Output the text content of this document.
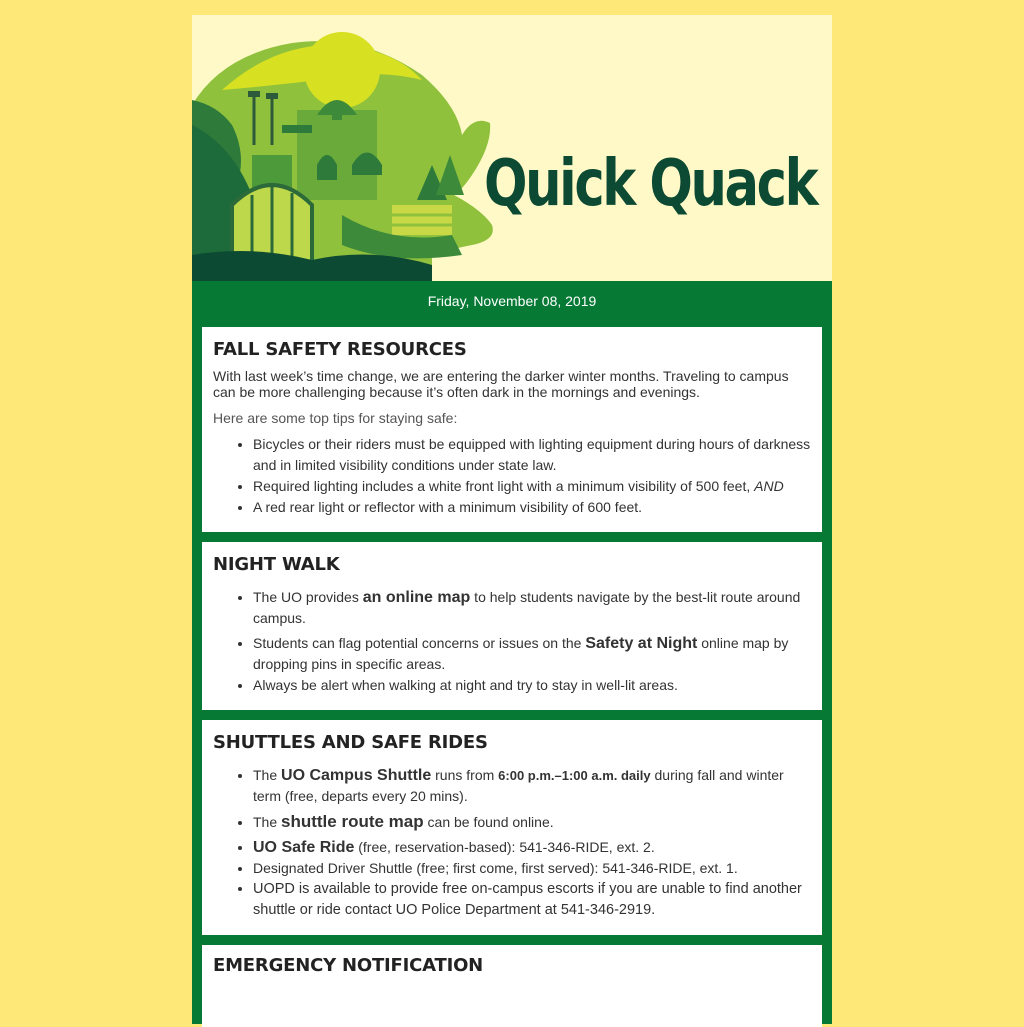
Quick Quack
Friday, November 08, 2019
FALL SAFETY RESOURCES

With last week’s time change, we are entering the darker winter months. Traveling to campus can be more challenging because it’s often dark in the mornings and evenings.

Here are some top tips for staying safe:

• Bicycles or their riders must be equipped with lighting equipment during hours of darkness and in limited visibility conditions under state law.
• Required lighting includes a white front light with a minimum visibility of 500 feet, AND
• A red rear light or reflector with a minimum visibility of 600 feet.
NIGHT WALK
• The UO provides an online map to help students navigate by the best-lit route around campus.
• Students can flag potential concerns or issues on the Safety at Night online map by dropping pins in specific areas.
• Always be alert when walking at night and try to stay in well-lit areas.
SHUTTLES AND SAFE RIDES
• The UO Campus Shuttle runs from 6:00 p.m.–1:00 a.m. daily during fall and winter term (free, departs every 20 mins).
• The shuttle route map can be found online.
• UO Safe Ride (free, reservation-based): 541-346-RIDE, ext. 2.
• Designated Driver Shuttle (free; first come, first served): 541-346-RIDE, ext. 1.
• UOPD is available to provide free on-campus escorts if you are unable to find another shuttle or ride contact UO Police Department at 541-346-2919.
EMERGENCY NOTIFICATION
